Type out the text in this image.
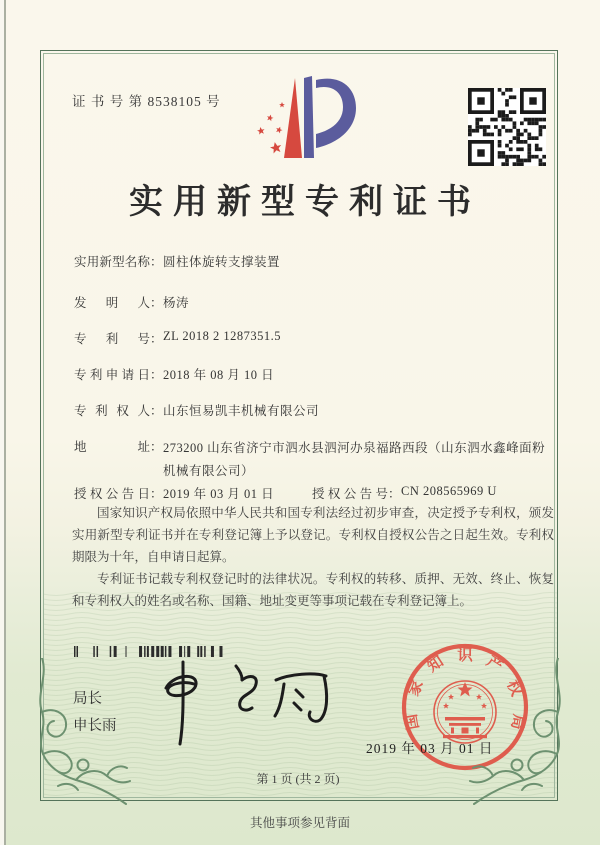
证 书 号 第 8538105 号
实用新型专利证书
实用新型名称：圆柱体旋转支撑装置
发明人：杨涛
专利号：ZL 2018 2 1287351.5
专利申请日：2018 年 08 月 10 日
专利权人：山东恒易凯丰机械有限公司
地址：273200 山东省济宁市泗水县泗河办泉福路西段（山东泗水鑫峰面粉机械有限公司）
授权公告日：2019 年 03 月 01 日	授权公告号：CN 208565969 U

国家知识产权局依照中华人民共和国专利法经过初步审查，决定授予专利权，颁发实用新型专利证书并在专利登记簿上予以登记。专利权自授权公告之日起生效。专利权期限为十年，自申请日起算。

专利证书记载专利权登记时的法律状况。专利权的转移、质押、无效、终止、恢复和专利权人的姓名或名称、国籍、地址变更等事项记载在专利登记簿上。

局长
申长雨	国
家
知 识 产
权
局
2019 年 03 月 01 日
第 1 页 (共 2 页)
其他事项参见背面
